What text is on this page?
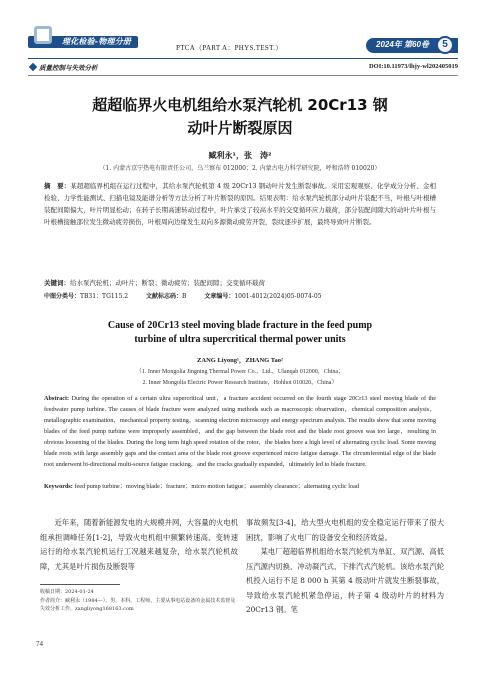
理化检验-物理分册
PTCA（PART A：PHYS.TEST.）	2024年 第60卷	5
质量控制与失效分析	DOI:10.11973/lhjy-wl202405019
超超临界火电机组给水泵汽轮机 20Cr13 钢
动叶片断裂原因
臧利永¹，张　涛²
（1. 内蒙古京宁热电有限责任公司，乌兰察布 012000；2. 内蒙古电力科学研究院，呼和浩特 010020）
摘　要：某超超临界机组在运行过程中，其给水泵汽轮机第 4 级 20Cr13 钢动叶片发生断裂事故。采用宏观观察、化学成分分析、金相检验、力学性能测试、扫描电镜及能谱分析等方法分析了叶片断裂的原因。结果表明：给水泵汽轮机部分动叶片装配不当，叶根与叶根槽装配间隙偏大，叶片明显松动；在转子长期高速转动过程中，叶片承受了较高水平的交变循环应力载荷，部分装配间隙大的动叶片叶根与叶根槽接触部位发生微动疲劳损伤，叶根周向边缘发生双向多源微动疲劳开裂，裂纹逐步扩展，最终导致叶片断裂。
关键词：给水泵汽轮机；动叶片；断裂；微动疲劳；装配间隙；交变循环载荷
中图分类号：TB31；TG115.2	文献标志码：B	文章编号：1001-4012(2024)05-0074-05
Cause of 20Cr13 steel moving blade fracture in the feed pump
turbine of ultra supercritical thermal power units
ZANG Liyong¹，ZHANG Tao²
（1. Inner Mongolia Jingning Thermal Power Co.，Ltd.，Ulanqab 012000，China；
2. Inner Mongolia Electric Power Research Institute，Hohhot 010020，China）
Abstract: During the operation of a certain ultra supercritical unit，a fracture accident occurred on the fourth stage 20Cr13 steel moving blade of the feedwater pump turbine. The causes of blade fracture were analyzed using methods such as macroscopic observation，chemical composition analysis，metallographic examination，mechanical property testing，scanning electron microscopy and energy spectrum analysis. The results show that some moving blades of the feed pump turbine were improperly assembled，and the gap between the blade root and the blade root groove was too large，resulting in obvious loosening of the blades. During the long term high speed rotation of the rotor，the blades bore a high level of alternating cyclic load. Some moving blade roots with large assembly gaps and the contact area of the blade root groove experienced micro fatigue damage. The circumferential edge of the blade root underwent bi-directional multi-source fatigue cracking，and the cracks gradually expanded，ultimately led to blade fracture.
Keywords: feed pump turbine；moving blade；fracture；micro motion fatigue；assembly clearance；alternating cyclic load

近年来，随着新能源发电的大规模并网，大容量的火电机组承担调峰任务[1-2]，导致火电机组中频繁转速高、变转速运行的给水泵汽轮机运行工况越来越复杂，给水泵汽轮机故障，尤其是叶片损伤及断裂等

事故频发[3-4]，给大型火电机组的安全稳定运行带来了很大困扰，影响了火电厂的设备安全和经济效益。

某电厂超超临界机组给水泵汽轮机为单缸、双汽源、高低压汽源内切换、冲动凝汽式、下排汽式汽轮机。该给水泵汽轮机投入运行不足 8 000 h 其第 4 级动叶片就发生断裂事故，导致给水泵汽轮机紧急停运，转子第 4 级动叶片的材料为 20Cr13 钢。笔

收稿日期：2024-01-24
作者简介：臧利永（1984—），男，本科，工程师，主要从事电站设备的金属技术监督及失效分析工作，zangliyong168163.com
74
